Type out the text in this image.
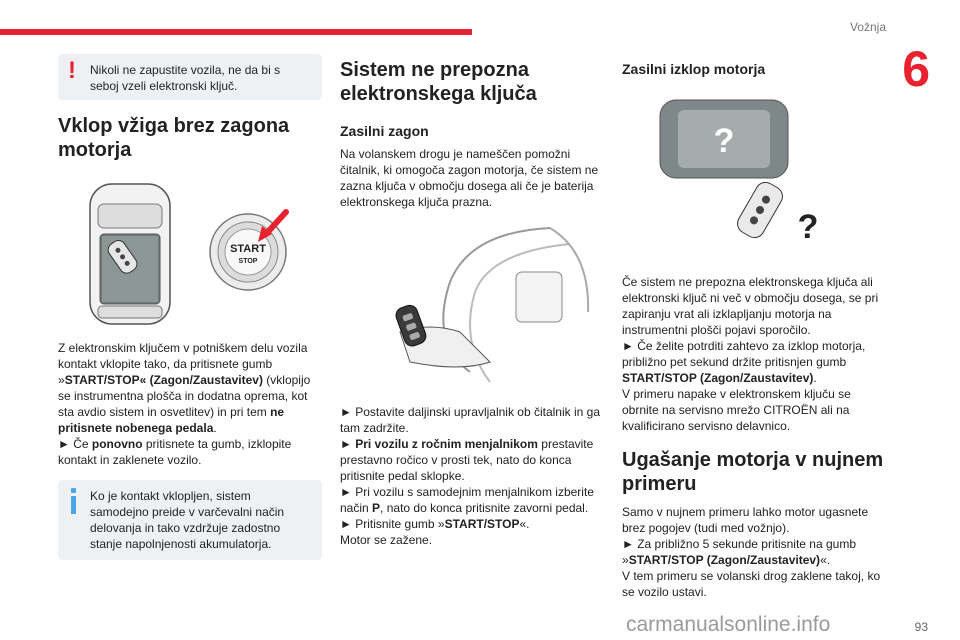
Vožnja
6
! Nikoli ne zapustite vozila, ne da bi s seboj vzeli elektronski ključ.
Vklop vžiga brez zagona motorja
START
STOP

Z elektronskim ključem v potniškem delu vozila kontakt vklopite tako, da pritisnete gumb »START/STOP« (Zagon/Zaustavitev) (vklopijo se instrumentna plošča in dodatna oprema, kot sta avdio sistem in osvetlitev) in pri tem ne pritisnete nobenega pedala.

► Če ponovno pritisnete ta gumb, izklopite kontakt in zaklenete vozilo.

Ko je kontakt vklopljen, sistem samodejno preide v varčevalni način delovanja in tako vzdržuje zadostno stanje napolnjenosti akumulatorja.
Sistem ne prepozna elektronskega ključa
Zasilni zagon

Na volanskem drogu je nameščen pomožni čitalnik, ki omogoča zagon motorja, če sistem ne zazna ključa v območju dosega ali če je baterija elektronskega ključa prazna.

► Postavite daljinski upravljalnik ob čitalnik in ga tam zadržite.

► Pri vozilu z ročnim menjalnikom prestavite prestavno ročico v prosti tek, nato do konca pritisnite pedal sklopke.

► Pri vozilu s samodejnim menjalnikom izberite način P, nato do konca pritisnite zavorni pedal.

► Pritisnite gumb »START/STOP«.

Motor se zažene.

Zasilni izklop motorja
?
?

Če sistem ne prepozna elektronskega ključa ali elektronski ključ ni več v območju dosega, se pri zapiranju vrat ali izklapljanju motorja na instrumentni plošči pojavi sporočilo.

► Če želite potrditi zahtevo za izklop motorja, približno pet sekund držite pritisnjen gumb START/STOP (Zagon/Zaustavitev).

V primeru napake v elektronskem ključu se obrnite na servisno mrežo CITROËN ali na kvalificirano servisno delavnico.

Ugašanje motorja v nujnem primeru

Samo v nujnem primeru lahko motor ugasnete brez pogojev (tudi med vožnjo).

► Za približno 5 sekunde pritisnite na gumb »START/STOP (Zagon/Zaustavitev)«.

V tem primeru se volanski drog zaklene takoj, ko se vozilo ustavi.

carmanualsonline.info	93
